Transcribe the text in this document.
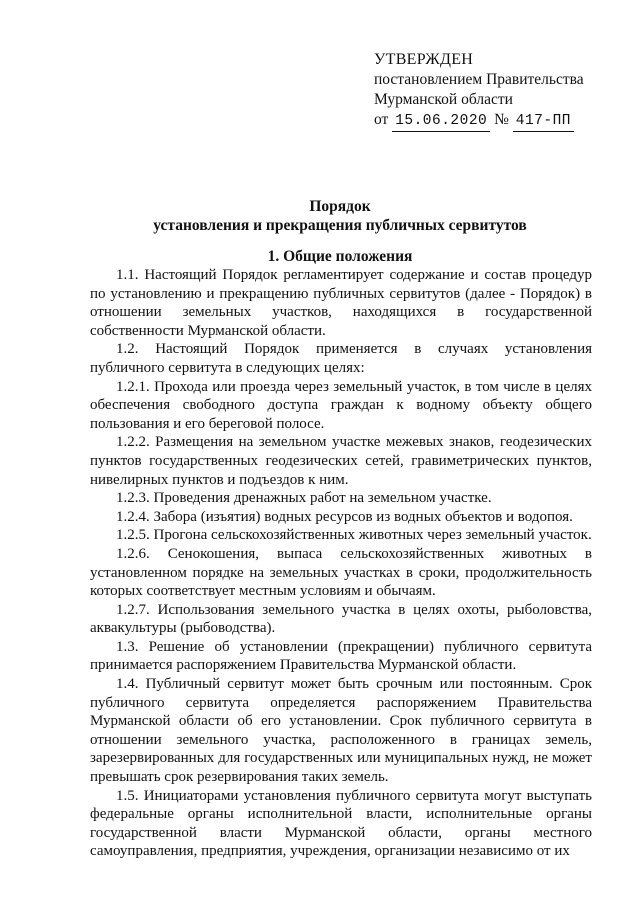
УТВЕРЖДЕН
постановлением Правительства
Мурманской области
от 15.06.2020 № 417-ПП
Порядок
установления и прекращения публичных сервитутов
1. Общие положения

1.1. Настоящий Порядок регламентирует содержание и состав процедур по установлению и прекращению публичных сервитутов (далее - Порядок) в отношении земельных участков, находящихся в государственной собственности Мурманской области.

1.2. Настоящий Порядок применяется в случаях установления публичного сервитута в следующих целях:

1.2.1. Прохода или проезда через земельный участок, в том числе в целях обеспечения свободного доступа граждан к водному объекту общего пользования и его береговой полосе.

1.2.2. Размещения на земельном участке межевых знаков, геодезических пунктов государственных геодезических сетей, гравиметрических пунктов, нивелирных пунктов и подъездов к ним.

1.2.3. Проведения дренажных работ на земельном участке.

1.2.4. Забора (изъятия) водных ресурсов из водных объектов и водопоя.

1.2.5. Прогона сельскохозяйственных животных через земельный участок.

1.2.6. Сенокошения, выпаса сельскохозяйственных животных в установленном порядке на земельных участках в сроки, продолжительность которых соответствует местным условиям и обычаям.

1.2.7. Использования земельного участка в целях охоты, рыболовства, аквакультуры (рыбоводства).

1.3. Решение об установлении (прекращении) публичного сервитута принимается распоряжением Правительства Мурманской области.

1.4. Публичный сервитут может быть срочным или постоянным. Срок публичного сервитута определяется распоряжением Правительства Мурманской области об его установлении. Срок публичного сервитута в отношении земельного участка, расположенного в границах земель, зарезервированных для государственных или муниципальных нужд, не может превышать срок резервирования таких земель.

1.5. Инициаторами установления публичного сервитута могут выступать федеральные органы исполнительной власти, исполнительные органы государственной власти Мурманской области, органы местного самоуправления, предприятия, учреждения, организации независимо от их
